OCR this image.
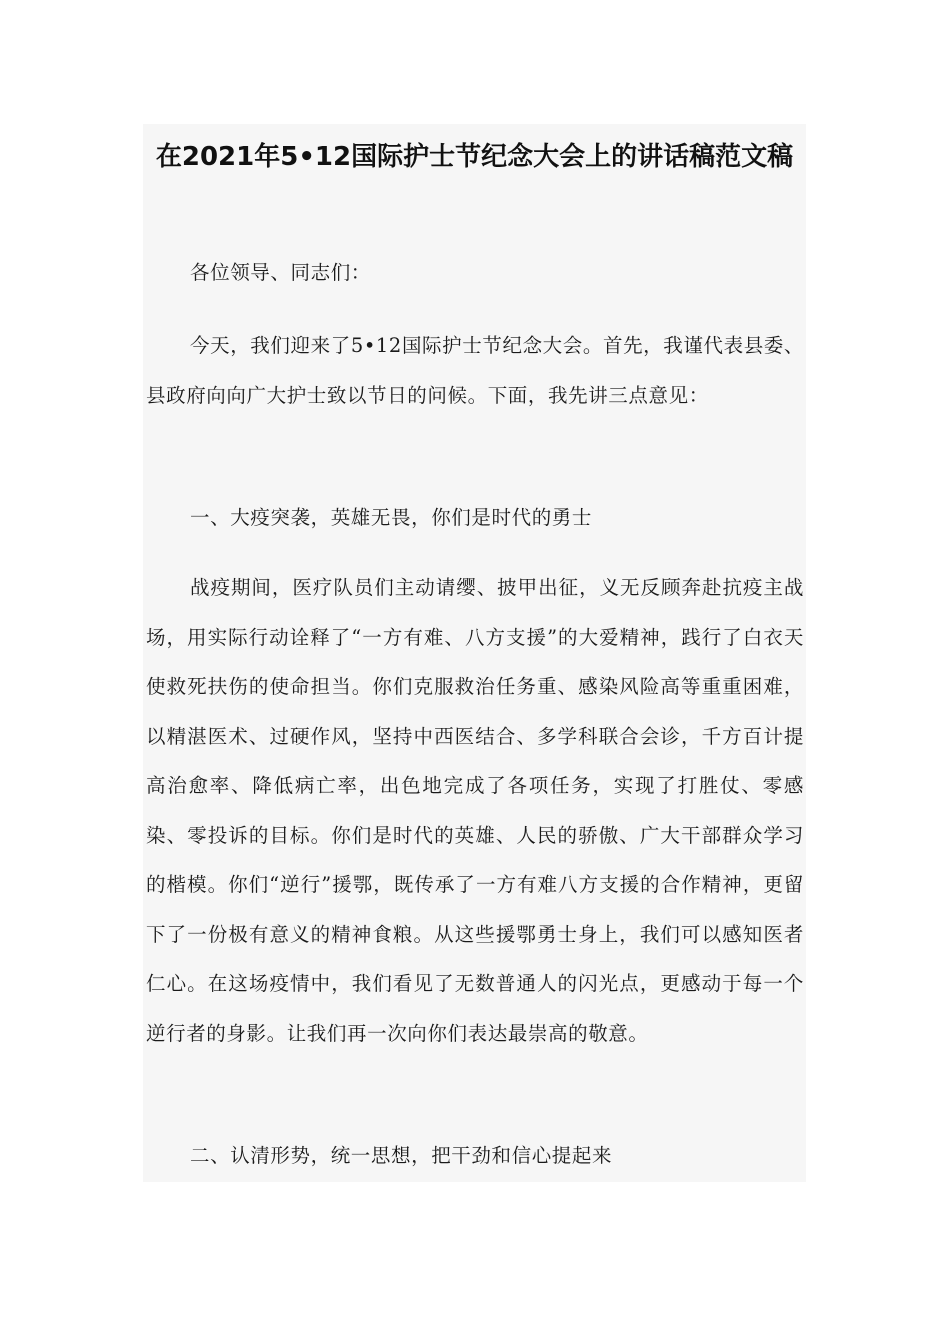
在2021年5•12国际护士节纪念大会上的讲话稿范文稿

各位领导、同志们：

今天，我们迎来了5•12国际护士节纪念大会。首先，我谨代表县委、县政府向向广大护士致以节日的问候。下面，我先讲三点意见：

一、大疫突袭，英雄无畏，你们是时代的勇士

战疫期间，医疗队员们主动请缨、披甲出征，义无反顾奔赴抗疫主战场，用实际行动诠释了“一方有难、八方支援”的大爱精神，践行了白衣天使救死扶伤的使命担当。你们克服救治任务重、感染风险高等重重困难，以精湛医术、过硬作风，坚持中西医结合、多学科联合会诊，千方百计提高治愈率、降低病亡率，出色地完成了各项任务，实现了打胜仗、零感染、零投诉的目标。你们是时代的英雄、人民的骄傲、广大干部群众学习的楷模。你们“逆行”援鄂，既传承了一方有难八方支援的合作精神，更留下了一份极有意义的精神食粮。从这些援鄂勇士身上，我们可以感知医者仁心。在这场疫情中，我们看见了无数普通人的闪光点，更感动于每一个逆行者的身影。让我们再一次向你们表达最崇高的敬意。

二、认清形势，统一思想，把干劲和信心提起来
